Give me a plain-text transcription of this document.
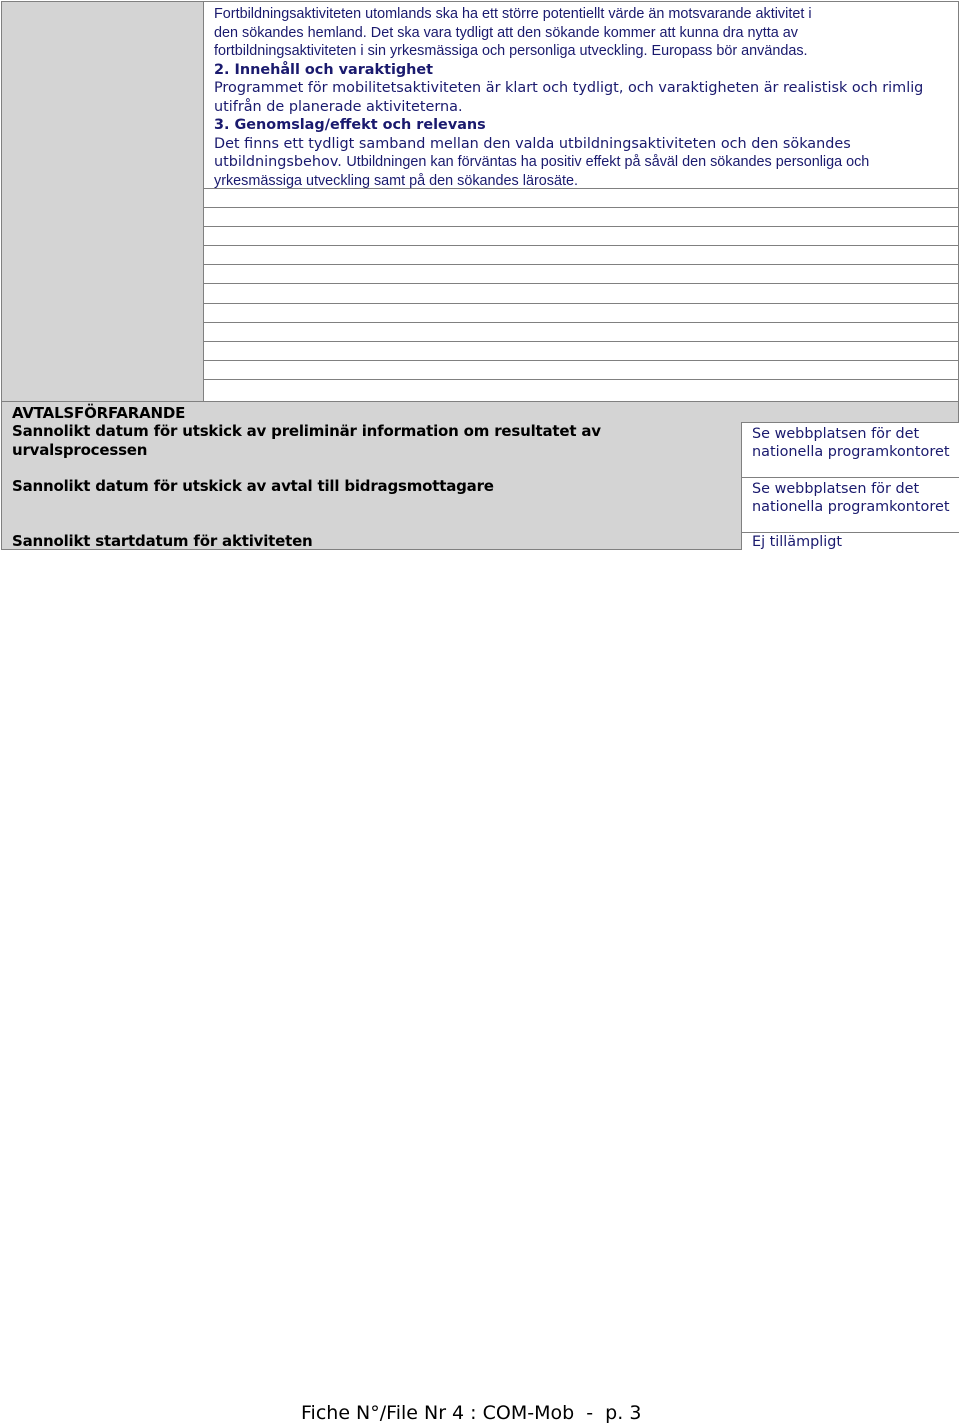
Fortbildningsaktiviteten utomlands ska ha ett större potentiellt värde än motsvarande aktivitet i

den sökandes hemland. Det ska vara tydligt att den sökande kommer att kunna dra nytta av

fortbildningsaktiviteten i sin yrkesmässiga och personliga utveckling. Europass bör användas.

2. Innehåll och varaktighet

Programmet för mobilitetsaktiviteten är klart och tydligt, och varaktigheten är realistisk och rimlig utifrån de planerade aktiviteterna.

3. Genomslag/effekt och relevans

Det finns ett tydligt samband mellan den valda utbildningsaktiviteten och den sökandes utbildningsbehov. Utbildningen kan förväntas ha positiv effekt på såväl den sökandes personliga och yrkesmässiga utveckling samt på den sökandes lärosäte.

AVTALSFÖRFARANDE
Sannolikt datum för utskick av preliminär information om resultatet av urvalsprocessen
Se webbplatsen för det nationella programkontoret
Sannolikt datum för utskick av avtal till bidragsmottagare	Se webbplatsen för det nationella programkontoret
Sannolikt startdatum för aktiviteten	Ej tillämpligt
Fiche N°/File Nr 4 : COM-Mob  -  p. 3
